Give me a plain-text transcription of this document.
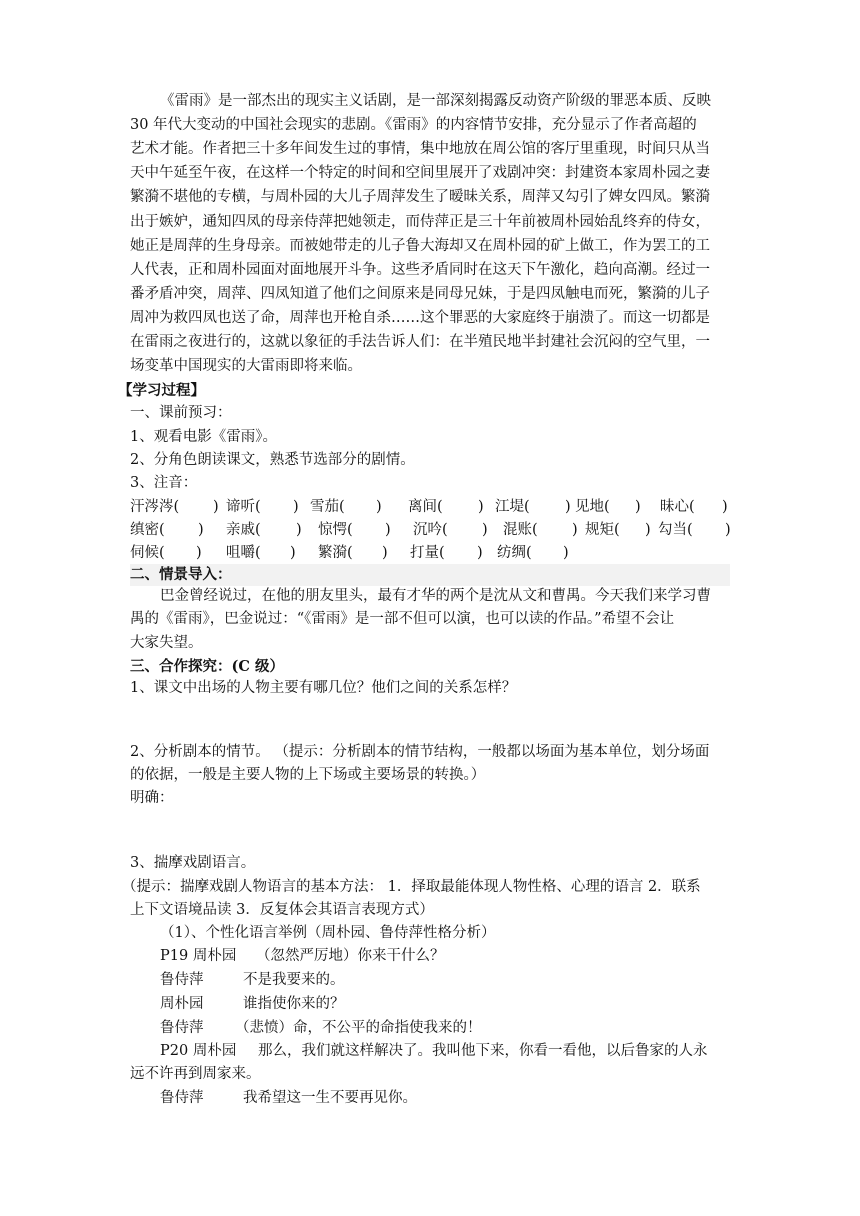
《雷雨》是一部杰出的现实主义话剧，是一部深刻揭露反动资产阶级的罪恶本质、反映
30 年代大变动的中国社会现实的悲剧。《雷雨》的内容情节安排，充分显示了作者高超的
艺术才能。作者把三十多年间发生过的事情，集中地放在周公馆的客厅里重现，时间只从当
天中午延至午夜，在这样一个特定的时间和空间里展开了戏剧冲突：封建资本家周朴园之妻
繁漪不堪他的专横，与周朴园的大儿子周萍发生了暧昧关系，周萍又勾引了婢女四凤。繁漪
出于嫉妒，通知四凤的母亲侍萍把她领走，而侍萍正是三十年前被周朴园始乱终弃的侍女，
她正是周萍的生身母亲。而被她带走的儿子鲁大海却又在周朴园的矿上做工，作为罢工的工
人代表，正和周朴园面对面地展开斗争。这些矛盾同时在这天下午激化，趋向高潮。经过一
番矛盾冲突，周萍、四凤知道了他们之间原来是同母兄妹，于是四凤触电而死，繁漪的儿子
周冲为救四凤也送了命，周萍也开枪自杀……这个罪恶的大家庭终于崩溃了。而这一切都是
在雷雨之夜进行的，这就以象征的手法告诉人们：在半殖民地半封建社会沉闷的空气里，一
场变革中国现实的大雷雨即将来临。
【学习过程】
一、课前预习：
1、观看电影《雷雨》。
2、分角色朗读课文，熟悉节选部分的剧情。
3、注音：
汗涔涔( ) 谛听( ) 雪茄( ) 离间( ) 江堤( ) 见地( ) 昧心( )
缜密( ) 亲戚( ) 惊愕( ) 沉吟( ) 混账( ) 规矩( ) 勾当( )
伺候( ) 咀嚼( ) 繁漪( ) 打量( ) 纺绸( )
二、情景导入：
巴金曾经说过，在他的朋友里头，最有才华的两个是沈从文和曹禺。今天我们来学习曹
禺的《雷雨》，巴金说过：“《雷雨》是一部不但可以演，也可以读的作品。”希望不会让
大家失望。
三、合作探究：(C 级）
1、课文中出场的人物主要有哪几位？他们之间的关系怎样？
2、分析剧本的情节。 （提示：分析剧本的情节结构，一般都以场面为基本单位，划分场面
的依据，一般是主要人物的上下场或主要场景的转换。）
明确：
3、揣摩戏剧语言。
（提示：揣摩戏剧人物语言的基本方法： 1．择取最能体现人物性格、心理的语言 2．联系
上下文语境品读 3．反复体会其语言表现方式）
（1）、个性化语言举例（周朴园、鲁侍萍性格分析）
P19 周朴园 （忽然严厉地）你来干什么？
鲁侍萍	不是我要来的。
周朴园	谁指使你来的？
鲁侍萍 （悲愤）命，不公平的命指使我来的！
P20 周朴园 那么，我们就这样解决了。我叫他下来，你看一看他，以后鲁家的人永
远不许再到周家来。
鲁侍萍	我希望这一生不要再见你。
